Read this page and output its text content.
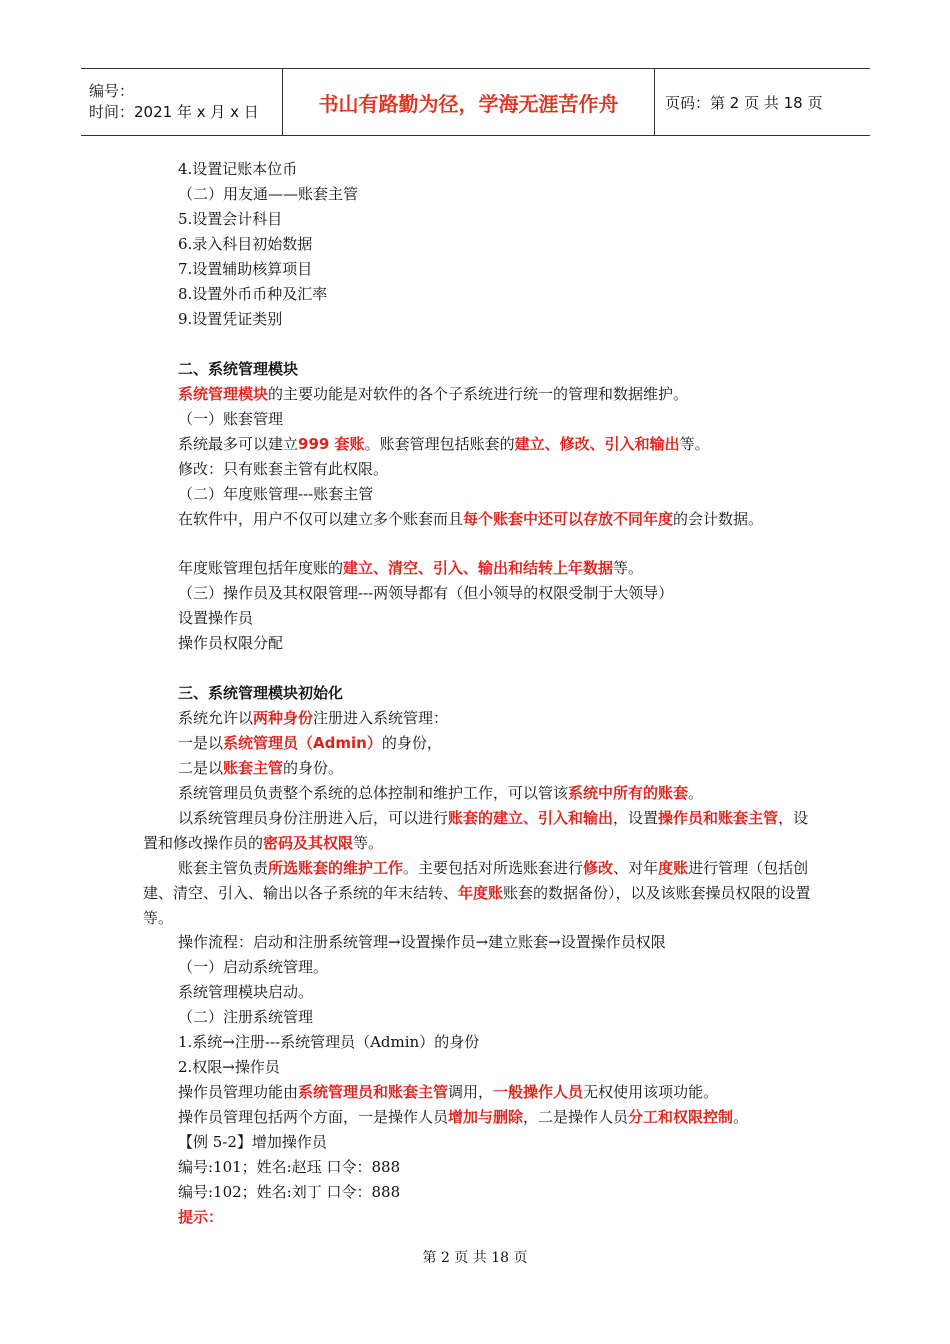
编号：
时间：2021 年 x 月 x 日	书山有路勤为径，学海无涯苦作舟	页码：第 2 页 共 18 页
4.设置记账本位币
（二）用友通——账套主管
5.设置会计科目
6.录入科目初始数据
7.设置辅助核算项目
8.设置外币币种及汇率
9.设置凭证类别
二、系统管理模块
系统管理模块的主要功能是对软件的各个子系统进行统一的管理和数据维护。
（一）账套管理
系统最多可以建立999 套账。账套管理包括账套的建立、修改、引入和输出等。
修改：只有账套主管有此权限。
（二）年度账管理---账套主管
在软件中，用户不仅可以建立多个账套而且每个账套中还可以存放不同年度的会计数据。
年度账管理包括年度账的建立、清空、引入、输出和结转上年数据等。
（三）操作员及其权限管理---两领导都有（但小领导的权限受制于大领导）
设置操作员
操作员权限分配
三、系统管理模块初始化
系统允许以两种身份注册进入系统管理：
一是以系统管理员（Admin）的身份，
二是以账套主管的身份。
系统管理员负责整个系统的总体控制和维护工作，可以管该系统中所有的账套。
以系统管理员身份注册进入后，可以进行账套的建立、引入和输出，设置操作员和账套主管，设置和修改操作员的密码及其权限等。
账套主管负责所选账套的维护工作。主要包括对所选账套进行修改、对年度账进行管理（包括创建、清空、引入、输出以各子系统的年末结转、年度账账套的数据备份），以及该账套操员权限的设置等。
操作流程：启动和注册系统管理→设置操作员→建立账套→设置操作员权限
（一）启动系统管理。
系统管理模块启动。
（二）注册系统管理
1.系统→注册---系统管理员（Admin）的身份
2.权限→操作员
操作员管理功能由系统管理员和账套主管调用，一般操作人员无权使用该项功能。
操作员管理包括两个方面，一是操作人员增加与删除，二是操作人员分工和权限控制。
【例 5-2】增加操作员
编号:101；姓名:赵珏 口令：888
编号:102；姓名:刘丁 口令：888
提示：
第 2 页 共 18 页
